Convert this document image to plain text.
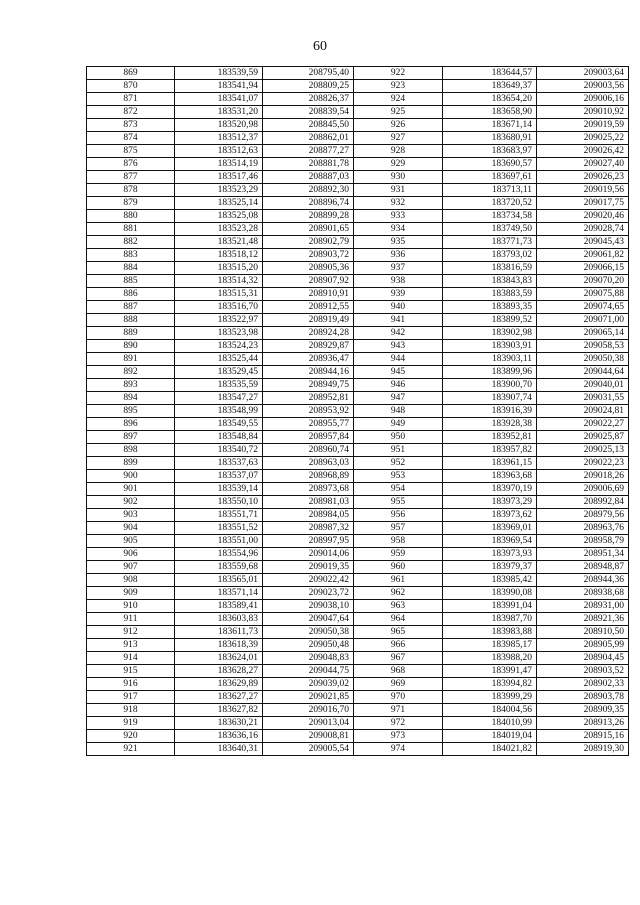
60
869	183539,59	208795,40	922	183644,57	209003,64
870	183541,94	208809,25	923	183649,37	209003,56
871	183541,07	208826,37	924	183654,20	209006,16
872	183531,20	208839,54	925	183658,90	209010,92
873	183520,98	208845,50	926	183671,14	209019,59
874	183512,37	208862,01	927	183680,91	209025,22
875	183512,63	208877,27	928	183683,97	209026,42
876	183514,19	208881,78	929	183690,57	209027,40
877	183517,46	208887,03	930	183697,61	209026,23
878	183523,29	208892,30	931	183713,11	209019,56
879	183525,14	208896,74	932	183720,52	209017,75
880	183525,08	208899,28	933	183734,58	209020,46
881	183523,28	208901,65	934	183749,50	209028,74
882	183521,48	208902,79	935	183771,73	209045,43
883	183518,12	208903,72	936	183793,02	209061,82
884	183515,20	208905,36	937	183816,59	209066,15
885	183514,32	208907,92	938	183843,83	209070,20
886	183515,31	208910,91	939	183883,59	209075,88
887	183516,70	208912,55	940	183893,35	209074,65
888	183522,97	208919,49	941	183899,52	209071,00
889	183523,98	208924,28	942	183902,98	209065,14
890	183524,23	208929,87	943	183903,91	209058,53
891	183525,44	208936,47	944	183903,11	209050,38
892	183529,45	208944,16	945	183899,96	209044,64
893	183535,59	208949,75	946	183900,70	209040,01
894	183547,27	208952,81	947	183907,74	209031,55
895	183548,99	208953,92	948	183916,39	209024,81
896	183549,55	208955,77	949	183928,38	209022,27
897	183548,84	208957,84	950	183952,81	209025,87
898	183540,72	208960,74	951	183957,82	209025,13
899	183537,63	208963,03	952	183961,15	209022,23
900	183537,07	208968,89	953	183963,68	209018,26
901	183539,14	208973,68	954	183970,19	209006,69
902	183550,10	208981,03	955	183973,29	208992,84
903	183551,71	208984,05	956	183973,62	208979,56
904	183551,52	208987,32	957	183969,01	208963,76
905	183551,00	208997,95	958	183969,54	208958,79
906	183554,96	209014,06	959	183973,93	208951,34
907	183559,68	209019,35	960	183979,37	208948,87
908	183565,01	209022,42	961	183985,42	208944,36
909	183571,14	209023,72	962	183990,08	208938,68
910	183589,41	209038,10	963	183991,04	208931,00
911	183603,83	209047,64	964	183987,70	208921,36
912	183611,73	209050,38	965	183983,88	208910,50
913	183618,39	209050,48	966	183985,17	208905,99
914	183624,01	209048,83	967	183988,20	208904,45
915	183628,27	209044,75	968	183991,47	208903,52
916	183629,89	209039,02	969	183994,82	208902,33
917	183627,27	209021,85	970	183999,29	208903,78
918	183627,82	209016,70	971	184004,56	208909,35
919	183630,21	209013,04	972	184010,99	208913,26
920	183636,16	209008,81	973	184019,04	208915,16
921	183640,31	209005,54	974	184021,82	208919,30
